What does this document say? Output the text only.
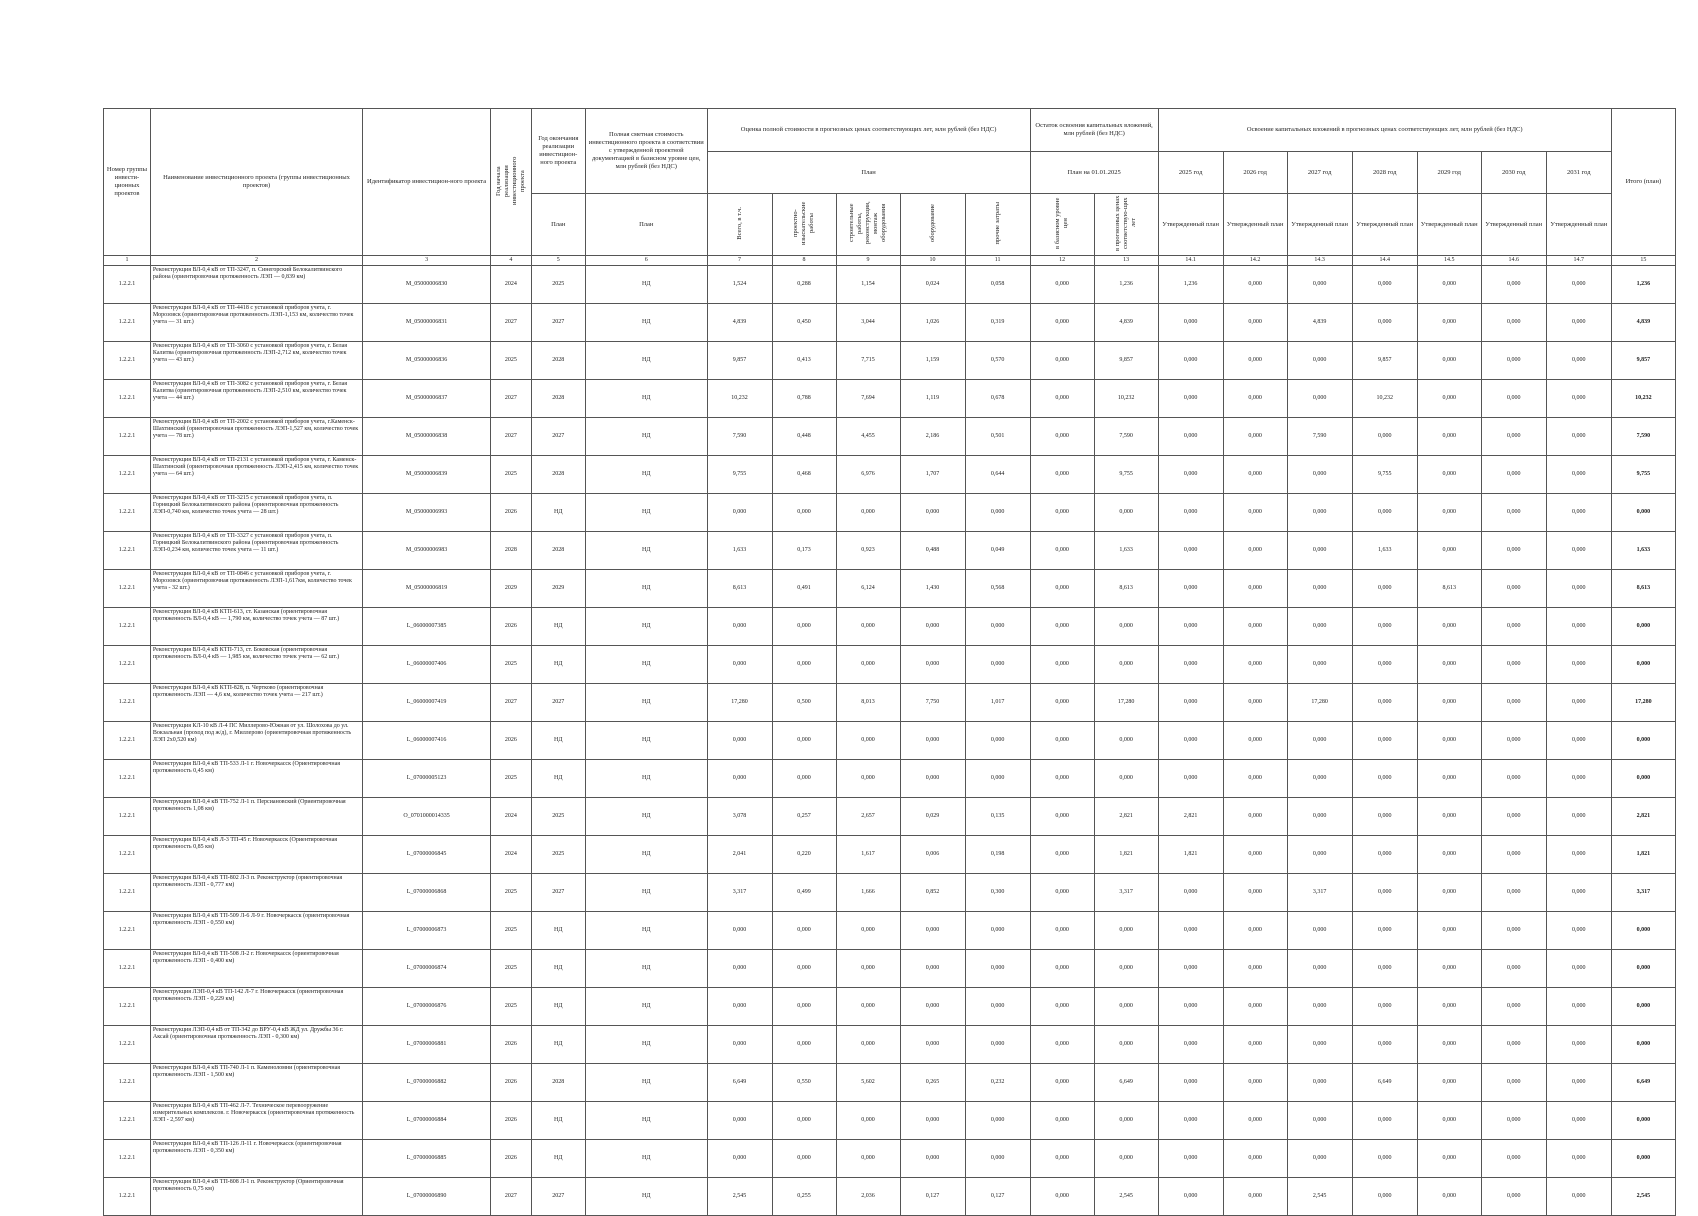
Номер группы инвести-ционных проектов	Наименование инвестиционного проекта (группы инвестиционных проектов)	Идентификатор инвестицион-ного проекта	Год начала реализации инвестиционного проекта	Год окончания реализации инвестицион-ного проекта	Полная сметная стоимость инвестиционного проекта в соответствии с утвержденной проектной документацией в базисном уровне цен, млн рублей (без НДС)	Оценка полной стоимости в прогнозных ценах соответствующих лет, млн рублей (без НДС)					Остаток освоения капитальных вложений, млн рублей (без НДС)		Освоение капитальных вложений в прогнозных ценах соответствующих лет, млн рублей (без НДС)							Итого (план)
						План					План на 01.01.2025		2025 год	2026 год	2027 год	2028 год	2029 год	2030 год	2031 год	
				План	План	Всего, в т.ч.	проектно-изыскательские работы	строительные работы, реконструкция, монтаж оборудования	оборудование	прочие затраты	в базисном уровне цен	в прогнозных ценах соответствую-щих лет	Утвержденный план	Утвержденный план	Утвержденный план	Утвержденный план	Утвержденный план	Утвержденный план	Утвержденный план	
1	2	3	4	5	6	7	8	9	10	11	12	13	14.1	14.2	14.3	14.4	14.5	14.6	14.7	15
1.2.2.1	Реконструкция ВЛ-0,4 кВ от ТП-3247, п. Синегорский Белокалитвинского района (ориентировочная протяженность ЛЭП — 0,839 км)	M_05000006830	2024	2025	НД	1,524	0,288	1,154	0,024	0,058	0,000	1,236	1,236	0,000	0,000	0,000	0,000	0,000	0,000	1,236
1.2.2.1	Реконструкция ВЛ-0,4 кВ от ТП-4418 с установкой приборов учета, г. Морозовск (ориентировочная протяженность ЛЭП-1,153 км, количество точек учета — 31 шт.)	M_05000006831	2027	2027	НД	4,839	0,450	3,044	1,026	0,319	0,000	4,839	0,000	0,000	4,839	0,000	0,000	0,000	0,000	4,839
1.2.2.1	Реконструкция ВЛ-0,4 кВ от ТП-3060 с установкой приборов учета, г. Белая Калитва (ориентировочная протяженность ЛЭП-2,712 км, количество точек учета — 43 шт.)	M_05000006836	2025	2028	НД	9,857	0,413	7,715	1,159	0,570	0,000	9,857	0,000	0,000	0,000	9,857	0,000	0,000	0,000	9,857
1.2.2.1	Реконструкция ВЛ-0,4 кВ от ТП-3082 с установкой приборов учета, г. Белая Калитва (ориентировочная протяженность ЛЭП-2,510 км, количество точек учета — 44 шт.)	M_05000006837	2027	2028	НД	10,232	0,788	7,694	1,119	0,678	0,000	10,232	0,000	0,000	0,000	10,232	0,000	0,000	0,000	10,232
1.2.2.1	Реконструкция ВЛ-0,4 кВ от ТП-2002 с установкой приборов учета, г.Каменск-Шахтинский (ориентировочная протяженность ЛЭП-1,527 км, количество точек учета — 78 шт.)	M_05000006838	2027	2027	НД	7,590	0,448	4,455	2,186	0,501	0,000	7,590	0,000	0,000	7,590	0,000	0,000	0,000	0,000	7,590
1.2.2.1	Реконструкция ВЛ-0,4 кВ от ТП-2131 с установкой приборов учета, г. Каменск-Шахтинский (ориентировочная протяженность ЛЭП-2,415 км, количество точек учета — 64 шт.)	M_05000006839	2025	2028	НД	9,755	0,468	6,976	1,707	0,644	0,000	9,755	0,000	0,000	0,000	9,755	0,000	0,000	0,000	9,755
1.2.2.1	Реконструкция ВЛ-0,4 кВ от ТП-3215 с установкой приборов учета, п. Горняцкий Белокалитвинского района (ориентировочная протяженность ЛЭП-0,740 км, количество точек учета — 28 шт.)	M_05000006993	2026	НД	НД	0,000	0,000	0,000	0,000	0,000	0,000	0,000	0,000	0,000	0,000	0,000	0,000	0,000	0,000	0,000
1.2.2.1	Реконструкция ВЛ-0,4 кВ от ТП-3327 с установкой приборов учета, п. Горняцкий Белокалитвинского района (ориентировочная протяженность ЛЭП-0,234 км, количество точек учета — 11 шт.)	M_05000006983	2028	2028	НД	1,633	0,173	0,923	0,488	0,049	0,000	1,633	0,000	0,000	0,000	1,633	0,000	0,000	0,000	1,633
1.2.2.1	Реконструкция ВЛ-0,4 кВ от ТП-0846 с установкой приборов учета, г. Морозовск (ориентировочная протяженность ЛЭП-1,617км, количество точек учета - 32 шт.)	M_05000006819	2029	2029	НД	8,613	0,491	6,124	1,430	0,568	0,000	8,613	0,000	0,000	0,000	0,000	8,613	0,000	0,000	8,613
1.2.2.1	Реконструкция ВЛ-0,4 кВ КТП-613, ст. Казанская (ориентировочная протяженность ВЛ-0,4 кВ — 1,790 км, количество точек учета — 87 шт.)	L_06000007385	2026	НД	НД	0,000	0,000	0,000	0,000	0,000	0,000	0,000	0,000	0,000	0,000	0,000	0,000	0,000	0,000	0,000
1.2.2.1	Реконструкция ВЛ-0,4 кВ КТП-713, ст. Боковская (ориентировочная протяженность ВЛ-0,4 кВ — 1,985 км, количество точек учета — 62 шт.)	L_06000007406	2025	НД	НД	0,000	0,000	0,000	0,000	0,000	0,000	0,000	0,000	0,000	0,000	0,000	0,000	0,000	0,000	0,000
1.2.2.1	Реконструкция ВЛ-0,4 кВ КТП-828, п. Чертково (ориентировочная протяженность ЛЭП — 4,6 км, количество точек учета — 217 шт.)	L_06000007419	2027	2027	НД	17,280	0,500	8,013	7,750	1,017	0,000	17,280	0,000	0,000	17,280	0,000	0,000	0,000	0,000	17,280
1.2.2.1	Реконструкция КЛ-10 кВ Л-4 ПС Миллерово-Южная от ул. Шолохова до ул. Вокзальная (проход под ж/д), г. Миллерово (ориентировочная протяженность ЛЭП 2х0,520 км)	L_06000007416	2026	НД	НД	0,000	0,000	0,000	0,000	0,000	0,000	0,000	0,000	0,000	0,000	0,000	0,000	0,000	0,000	0,000
1.2.2.1	Реконструкция ВЛ-0,4 кВ ТП-533 Л-1 г. Новочеркасск (Ориентировочная протяженность 0,45 км)	L_07000005123	2025	НД	НД	0,000	0,000	0,000	0,000	0,000	0,000	0,000	0,000	0,000	0,000	0,000	0,000	0,000	0,000	0,000
1.2.2.1	Реконструкция ВЛ-0,4 кВ ТП-752 Л-1 п. Персиановский (Ориентировочная протяженность 1,08 км)	O_0701000014335	2024	2025	НД	3,078	0,257	2,657	0,029	0,135	0,000	2,821	2,821	0,000	0,000	0,000	0,000	0,000	0,000	2,821
1.2.2.1	Реконструкция ВЛ-0,4 кВ Л-3 ТП-45 г. Новочеркасск (Ориентировочная протяженность 0,85 км)	L_07000006845	2024	2025	НД	2,041	0,220	1,617	0,006	0,198	0,000	1,821	1,821	0,000	0,000	0,000	0,000	0,000	0,000	1,821
1.2.2.1	Реконструкция ВЛ-0,4 кВ ТП-802 Л-3 п. Реконструктор (ориентировочная протяженность ЛЭП - 0,777 км)	L_07000006868	2025	2027	НД	3,317	0,499	1,666	0,852	0,300	0,000	3,317	0,000	0,000	3,317	0,000	0,000	0,000	0,000	3,317
1.2.2.1	Реконструкция ВЛ-0,4 кВ ТП-509 Л-6 Л-9 г. Новочеркасск (ориентировочная протяженность ЛЭП - 0,550 км)	L_07000006873	2025	НД	НД	0,000	0,000	0,000	0,000	0,000	0,000	0,000	0,000	0,000	0,000	0,000	0,000	0,000	0,000	0,000
1.2.2.1	Реконструкция ВЛ-0,4 кВ ТП-508 Л-2 г. Новочеркасск (ориентировочная протяженность ЛЭП - 0,400 км)	L_07000006874	2025	НД	НД	0,000	0,000	0,000	0,000	0,000	0,000	0,000	0,000	0,000	0,000	0,000	0,000	0,000	0,000	0,000
1.2.2.1	Реконструкция ЛЭП-0,4 кВ ТП-142 Л-7 г. Новочеркасск (ориентировочная протяженность ЛЭП - 0,229 км)	L_07000006876	2025	НД	НД	0,000	0,000	0,000	0,000	0,000	0,000	0,000	0,000	0,000	0,000	0,000	0,000	0,000	0,000	0,000
1.2.2.1	Реконструкция ЛЭП-0,4 кВ от ТП-342 до ВРУ-0,4 кВ ЖД ул. Дружбы 36 г. Аксай (ориентировочная протяженность ЛЭП - 0,300 км)	L_07000006881	2026	НД	НД	0,000	0,000	0,000	0,000	0,000	0,000	0,000	0,000	0,000	0,000	0,000	0,000	0,000	0,000	0,000
1.2.2.1	Реконструкция ВЛ-0,4 кВ ТП-740 Л-1 п. Каменоломни (ориентировочная протяженность ЛЭП - 1,500 км)	L_07000006882	2026	2028	НД	6,649	0,550	5,602	0,265	0,232	0,000	6,649	0,000	0,000	0,000	6,649	0,000	0,000	0,000	6,649
1.2.2.1	Реконструкция ВЛ-0,4 кВ ТП-462 Л-7. Техническое перевооружение измерительных комплексов. г. Новочеркасск (ориентировочная протяженность ЛЭП - 2,597 км)	L_07000006884	2026	НД	НД	0,000	0,000	0,000	0,000	0,000	0,000	0,000	0,000	0,000	0,000	0,000	0,000	0,000	0,000	0,000
1.2.2.1	Реконструкция ВЛ-0,4 кВ ТП-126 Л-11 г. Новочеркасск (ориентировочная протяженность ЛЭП - 0,350 км)	L_07000006885	2026	НД	НД	0,000	0,000	0,000	0,000	0,000	0,000	0,000	0,000	0,000	0,000	0,000	0,000	0,000	0,000	0,000
1.2.2.1	Реконструкция ВЛ-0,4 кВ ТП-808 Л-1 п. Реконструктор (Ориентировочная протяженность 0,75 км)	L_07000006890	2027	2027	НД	2,545	0,255	2,036	0,127	0,127	0,000	2,545	0,000	0,000	2,545	0,000	0,000	0,000	0,000	2,545
